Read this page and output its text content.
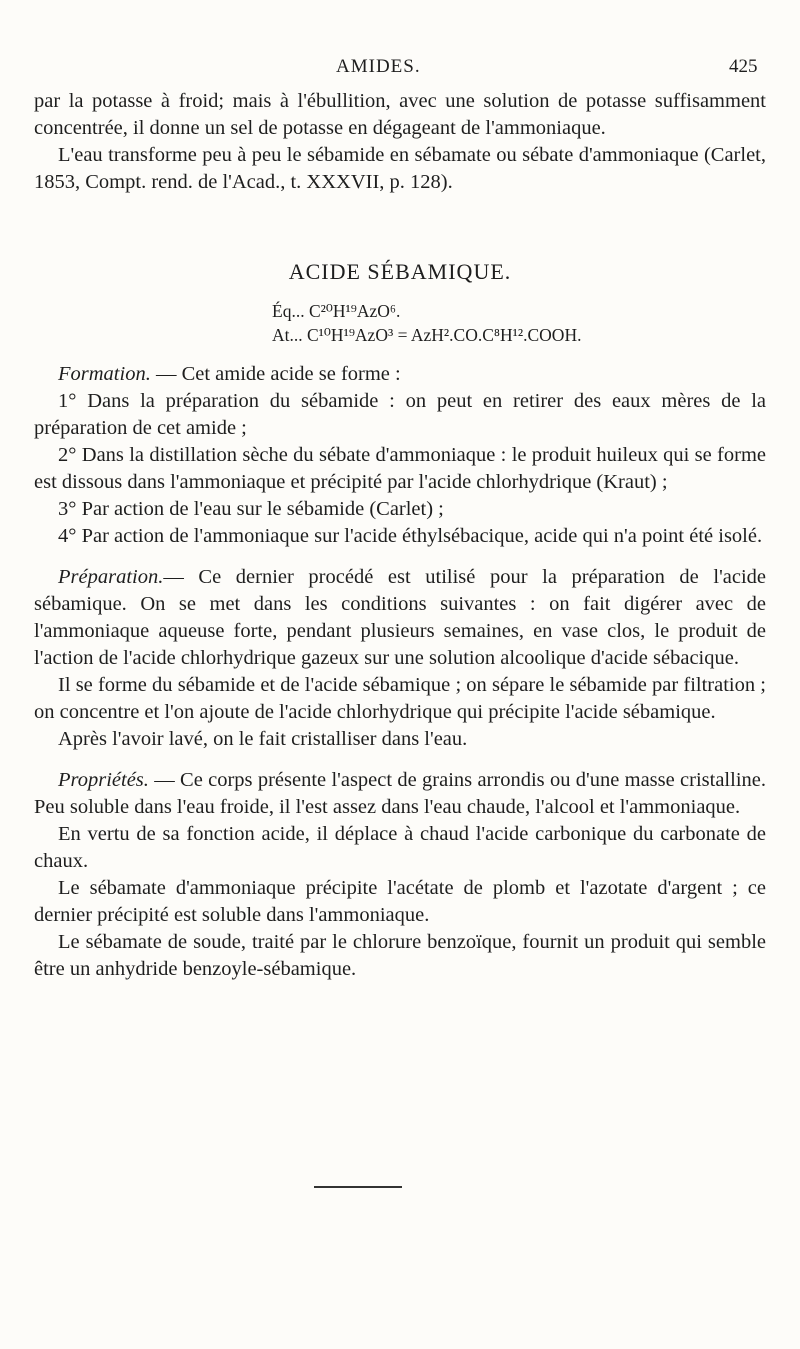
AMIDES.	425

par la potasse à froid; mais à l'ébullition, avec une solution de potasse suffisamment concentrée, il donne un sel de potasse en dégageant de l'ammoniaque.

L'eau transforme peu à peu le sébamide en sébamate ou sébate d'ammoniaque (Carlet, 1853, Compt. rend. de l'Acad., t. XXXVII, p. 128).

ACIDE SÉBAMIQUE.

Éq... C²⁰H¹⁹AzO⁶.

At... C¹⁰H¹⁹AzO³ = AzH².CO.C⁸H¹².COOH.

Formation. — Cet amide acide se forme :

1° Dans la préparation du sébamide : on peut en retirer des eaux mères de la préparation de cet amide ;

2° Dans la distillation sèche du sébate d'ammoniaque : le produit huileux qui se forme est dissous dans l'ammoniaque et précipité par l'acide chlorhydrique (Kraut) ;

3° Par action de l'eau sur le sébamide (Carlet) ;

4° Par action de l'ammoniaque sur l'acide éthylsébacique, acide qui n'a point été isolé.

Préparation.— Ce dernier procédé est utilisé pour la préparation de l'acide sébamique. On se met dans les conditions suivantes : on fait digérer avec de l'ammoniaque aqueuse forte, pendant plusieurs semaines, en vase clos, le produit de l'action de l'acide chlorhydrique gazeux sur une solution alcoolique d'acide sébacique.

Il se forme du sébamide et de l'acide sébamique ; on sépare le sébamide par filtration ; on concentre et l'on ajoute de l'acide chlorhydrique qui précipite l'acide sébamique.

Après l'avoir lavé, on le fait cristalliser dans l'eau.

Propriétés. — Ce corps présente l'aspect de grains arrondis ou d'une masse cristalline. Peu soluble dans l'eau froide, il l'est assez dans l'eau chaude, l'alcool et l'ammoniaque.

En vertu de sa fonction acide, il déplace à chaud l'acide carbonique du carbonate de chaux.

Le sébamate d'ammoniaque précipite l'acétate de plomb et l'azotate d'argent ; ce dernier précipité est soluble dans l'ammoniaque.

Le sébamate de soude, traité par le chlorure benzoïque, fournit un produit qui semble être un anhydride benzoyle-sébamique.
